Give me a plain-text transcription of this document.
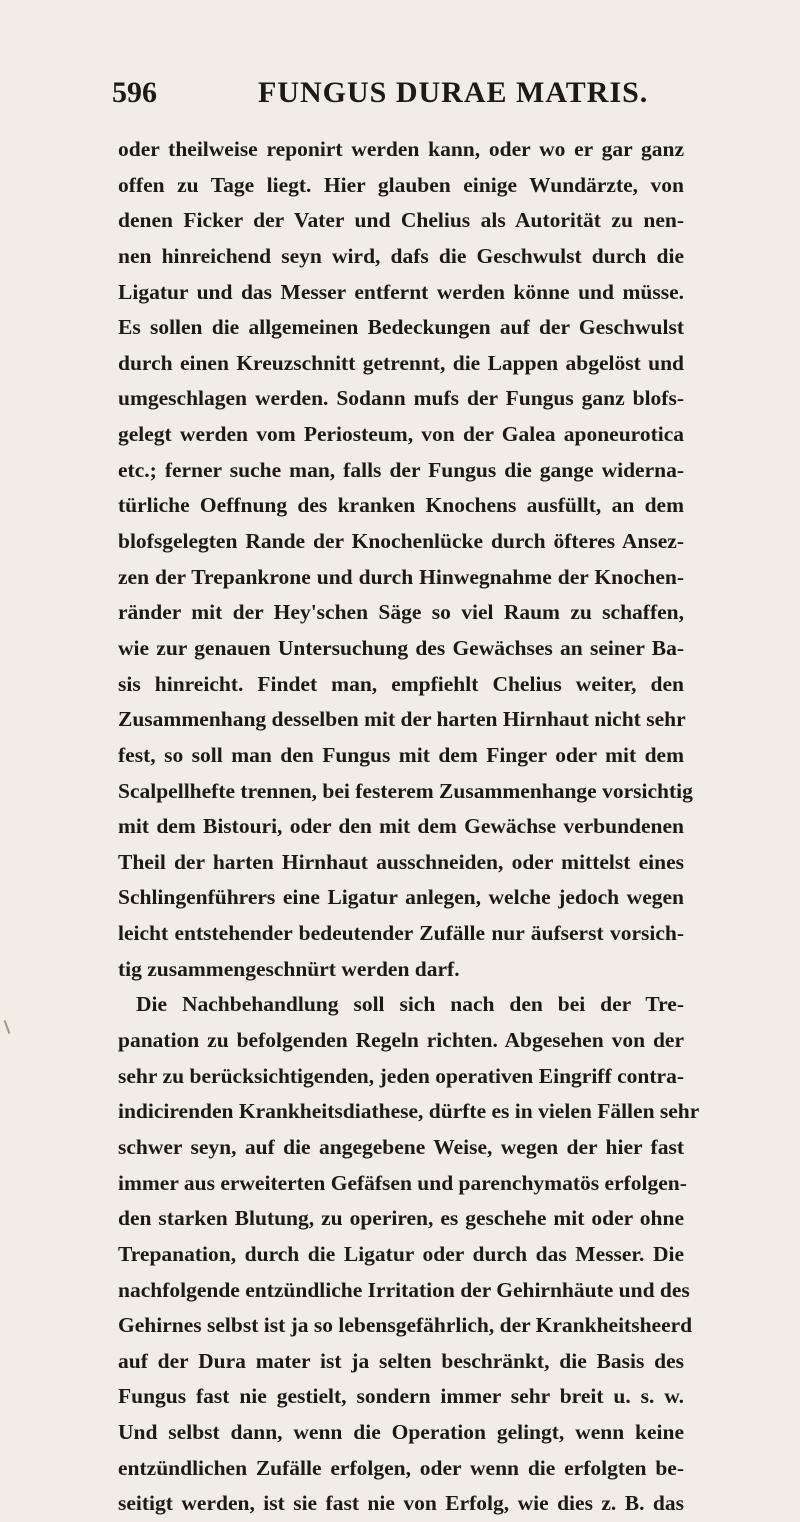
596	FUNGUS DURAE MATRIS.
oder theilweise reponirt werden kann, oder wo er gar ganz
offen zu Tage liegt. Hier glauben einige Wundärzte, von
denen Ficker der Vater und Chelius als Autorität zu nen-
nen hinreichend seyn wird, dafs die Geschwulst durch die
Ligatur und das Messer entfernt werden könne und müsse.
Es sollen die allgemeinen Bedeckungen auf der Geschwulst
durch einen Kreuzschnitt getrennt, die Lappen abgelöst und
umgeschlagen werden. Sodann mufs der Fungus ganz blofs-
gelegt werden vom Periosteum, von der Galea aponeurotica
etc.; ferner suche man, falls der Fungus die gange widerna-
türliche Oeffnung des kranken Knochens ausfüllt, an dem
blofsgelegten Rande der Knochenlücke durch öfteres Ansez-
zen der Trepankrone und durch Hinwegnahme der Knochen-
ränder mit der Hey'schen Säge so viel Raum zu schaffen,
wie zur genauen Untersuchung des Gewächses an seiner Ba-
sis hinreicht. Findet man, empfiehlt Chelius weiter, den
Zusammenhang desselben mit der harten Hirnhaut nicht sehr
fest, so soll man den Fungus mit dem Finger oder mit dem
Scalpellhefte trennen, bei festerem Zusammenhange vorsichtig
mit dem Bistouri, oder den mit dem Gewächse verbundenen
Theil der harten Hirnhaut ausschneiden, oder mittelst eines
Schlingenführers eine Ligatur anlegen, welche jedoch wegen
leicht entstehender bedeutender Zufälle nur äufserst vorsich-
tig zusammengeschnürt werden darf.
Die Nachbehandlung soll sich nach den bei der Tre-
panation zu befolgenden Regeln richten. Abgesehen von der
sehr zu berücksichtigenden, jeden operativen Eingriff contra-
indicirenden Krankheitsdiathese, dürfte es in vielen Fällen sehr
schwer seyn, auf die angegebene Weise, wegen der hier fast
immer aus erweiterten Gefäfsen und parenchymatös erfolgen-
den starken Blutung, zu operiren, es geschehe mit oder ohne
Trepanation, durch die Ligatur oder durch das Messer. Die
nachfolgende entzündliche Irritation der Gehirnhäute und des
Gehirnes selbst ist ja so lebensgefährlich, der Krankheitsheerd
auf der Dura mater ist ja selten beschränkt, die Basis des
Fungus fast nie gestielt, sondern immer sehr breit u. s. w.
Und selbst dann, wenn die Operation gelingt, wenn keine
entzündlichen Zufälle erfolgen, oder wenn die erfolgten be-
seitigt werden, ist sie fast nie von Erfolg, wie dies z. B. das
